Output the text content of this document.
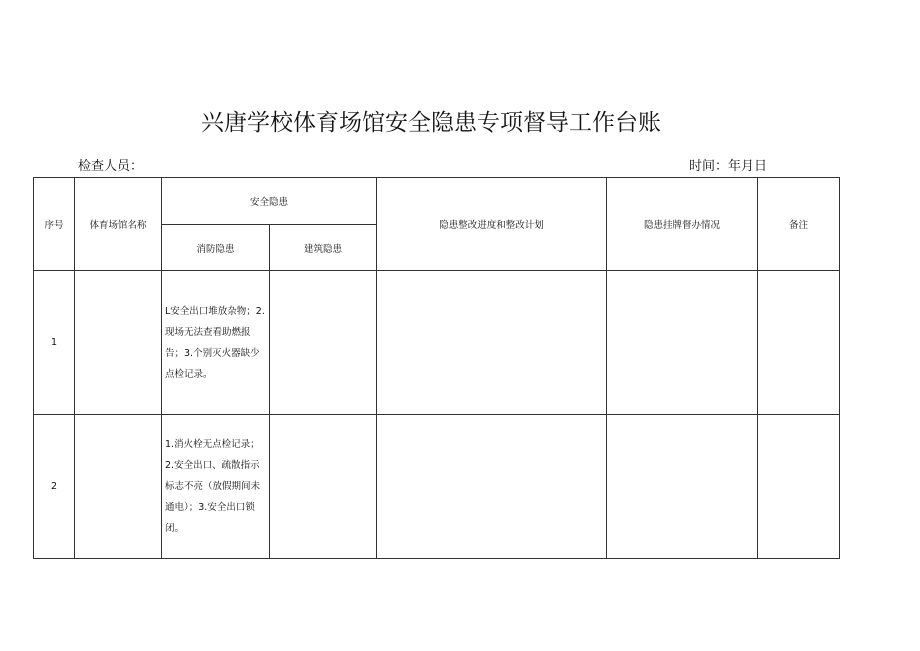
兴唐学校体育场馆安全隐患专项督导工作台账
检查人员：	时间：年月日
序号	体育场馆名称	安全隐患		隐患整改进度和整改计划	隐患挂牌督办情况	备注
		消防隐患	建筑隐患			
1		L安全出口堆放杂物；2.现场无法查看助燃报告；3.个别灭火器缺少点检记录。				
2		1.消火栓无点检记录；2.安全出口、疏散指示标志不亮（放假期间未通电）；3.安全出口锁闭。				
